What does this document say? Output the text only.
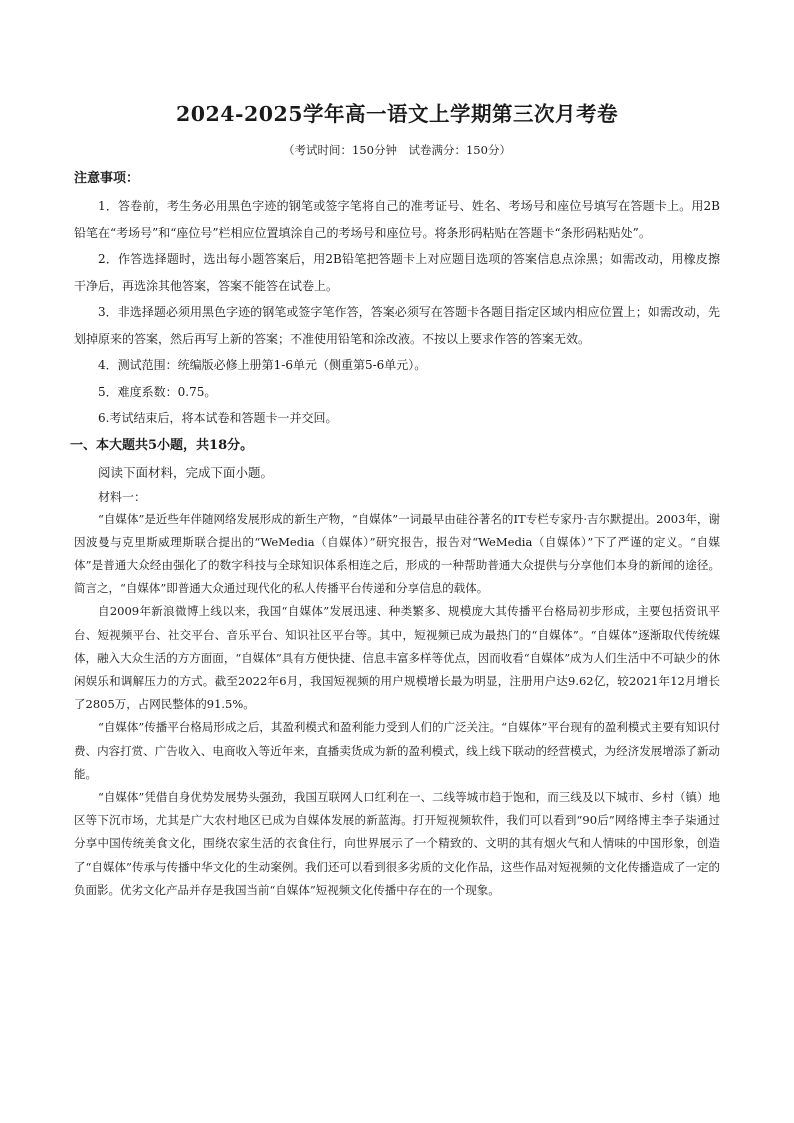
2024-2025学年高一语文上学期第三次月考卷

（考试时间：150分钟　试卷满分：150分）

注意事项：

1．答卷前，考生务必用黑色字迹的钢笔或签字笔将自己的准考证号、姓名、考场号和座位号填写在答题卡上。用2B铅笔在“考场号”和“座位号”栏相应位置填涂自己的考场号和座位号。将条形码粘贴在答题卡“条形码粘贴处”。

2．作答选择题时，选出每小题答案后，用2B铅笔把答题卡上对应题目选项的答案信息点涂黑；如需改动，用橡皮擦干净后，再选涂其他答案，答案不能答在试卷上。

3．非选择题必须用黑色字迹的钢笔或签字笔作答，答案必须写在答题卡各题目指定区域内相应位置上；如需改动，先划掉原来的答案，然后再写上新的答案；不准使用铅笔和涂改液。不按以上要求作答的答案无效。

4．测试范围：统编版必修上册第1-6单元（侧重第5-6单元）。

5．难度系数：0.75。

6.考试结束后，将本试卷和答题卡一并交回。

一、本大题共5小题，共18分。

阅读下面材料，完成下面小题。

材料一：

“自媒体”是近些年伴随网络发展形成的新生产物，“自媒体”一词最早由硅谷著名的IT专栏专家丹·吉尔默提出。2003年，谢因波曼与克里斯威理斯联合提出的“WeMedia（自媒体）”研究报告，报告对“WeMedia（自媒体）”下了严谨的定义。“自媒体”是普通大众经由强化了的数字科技与全球知识体系相连之后，形成的一种帮助普通大众提供与分享他们本身的新闻的途径。简言之，“自媒体”即普通大众通过现代化的私人传播平台传递和分享信息的载体。

自2009年新浪微博上线以来，我国“自媒体”发展迅速、种类繁多、规模庞大其传播平台格局初步形成，主要包括资讯平台、短视频平台、社交平台、音乐平台、知识社区平台等。其中，短视频已成为最热门的“自媒体”。“自媒体”逐渐取代传统媒体，融入大众生活的方方面面，“自媒体”具有方便快捷、信息丰富多样等优点，因而收看“自媒体”成为人们生活中不可缺少的休闲娱乐和调解压力的方式。截至2022年6月，我国短视频的用户规模增长最为明显，注册用户达9.62亿，较2021年12月增长了2805万，占网民整体的91.5%。

“自媒体”传播平台格局形成之后，其盈利模式和盈利能力受到人们的广泛关注。“自媒体”平台现有的盈利模式主要有知识付费、内容打赏、广告收入、电商收入等近年来，直播卖货成为新的盈利模式，线上线下联动的经营模式，为经济发展增添了新动能。

“自媒体”凭借自身优势发展势头强劲，我国互联网人口红利在一、二线等城市趋于饱和，而三线及以下城市、乡村（镇）地区等下沉市场，尤其是广大农村地区已成为自媒体发展的新蓝海。打开短视频软件，我们可以看到“90后”网络博主李子柒通过分享中国传统美食文化，围绕农家生活的衣食住行，向世界展示了一个精致的、文明的其有烟火气和人情味的中国形象，创造了“自媒体”传承与传播中华文化的生动案例。我们还可以看到很多劣质的文化作品，这些作品对短视频的文化传播造成了一定的负面影。优劣文化产品并存是我国当前“自媒体”短视频文化传播中存在的一个现象。
